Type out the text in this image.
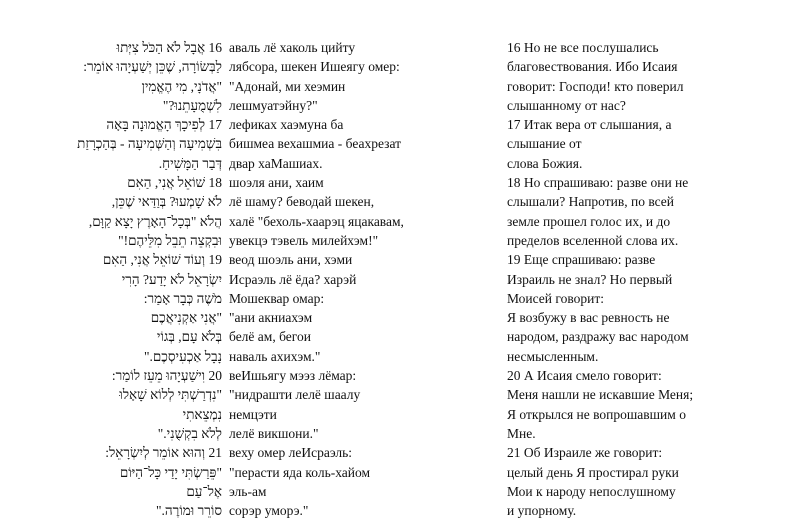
16 אֲבָל לֹא הַכֹּל צִיְּתוּ
לַבְּשׂוֹרָה, שֶׁכֵּן יְשַׁעְיָהוּ אוֹמֵר:
"אֲדֹנָי, מִי הֶאֱמִין
לִשְׁמֻעָתֵנוּ?"
17 לְפִיכָךְ הָאֱמוּנָה בָּאָה
בִּשְׁמִיעָה וְהַשְּׁמִיעָה - בְּהַכְרָזַת
דְּבַר הַמָּשִׁיחַ.
18 שׁוֹאֵל אֲנִי, הַאִם
לֹא שָׁמְעוּ? בְּוַדַּאי שֶׁכֵּן,
הֲלֹא "בְּכָל־הָאָרֶץ יָצָא קַוָּם,
וּבִקְצֵה תֵבֵל מִלֵּיהֶם!"
19 וְעוֹד שׁוֹאֵל אֲנִי, הַאִם
יִשְׂרָאֵל לֹא יָדַע? הָרִי
מֹשֶׁה כְּבָר אָמַר:
"אֲנִי אַקְנִיאֲכֶם
בְּלֹא עָם, בְּגוֹי
נָבָל אַכְעִיסְכֶם."
20 וִישַׁעְיָהוּ מֵעֵז לוֹמַר:
"נִדְרַשְׁתִּי לְלוֹא שָׁאָלוּ
נִמְצֵאתִי
לְלֹא בִקְשֻׁנִי."
21 וְהוּא אוֹמֵר לְיִשְׂרָאֵל:
"פֵּרַשְׂתִּי יָדַי כָּל־הַיּוֹם
אֶל־עַם
סוֹרֵר וּמוֹרֶה."
аваль лё хаколь цийту
лябсора, шекен Ишеягу омер:
"Адонай, ми хеэмин
лешмуатэйну?"
лефиках хаэмуна ба
бишмеа вехашмиа - беахрезат
двар хаМашиах.
шоэля ани, хаим
лё шаму? беводай шекен,
халё "бехоль-хаарэц яцакавам,
увекцэ тэвель милейхэм!"
веод шоэль ани, хэми
Исраэль лё ёда? харэй
Мошеквар омар:
"ани акниахэм
белё ам, бегои
наваль ахихэм."
веИшьягу мээз лёмар:
"нидрашти лелё шаалу
немцэти
лелё викшони."
веху омер леИсраэль:
"перасти яда коль-хайом
эль-ам
сорэр уморэ."
16 Но не все послушались
благовествования. Ибо Исаия
говорит: Господи! кто поверил
слышанному от нас?
17 Итак вера от слышания, а
слышание от
слова Божия.
18 Но спрашиваю: разве они не
слышали? Напротив, по всей
земле прошел голос их, и до
пределов вселенной слова их.
19 Еще спрашиваю: разве
Израиль не знал? Но первый
Моисей говорит:
Я возбужу в вас ревность не
народом, раздражу вас народом
несмысленным.
20 А Исаия смело говорит:
Меня нашли не искавшие Меня;
Я открылся не вопрошавшим о
Мне.
21 Об Израиле же говорит:
целый день Я простирал руки
Мои к народу непослушному
и упорному.
